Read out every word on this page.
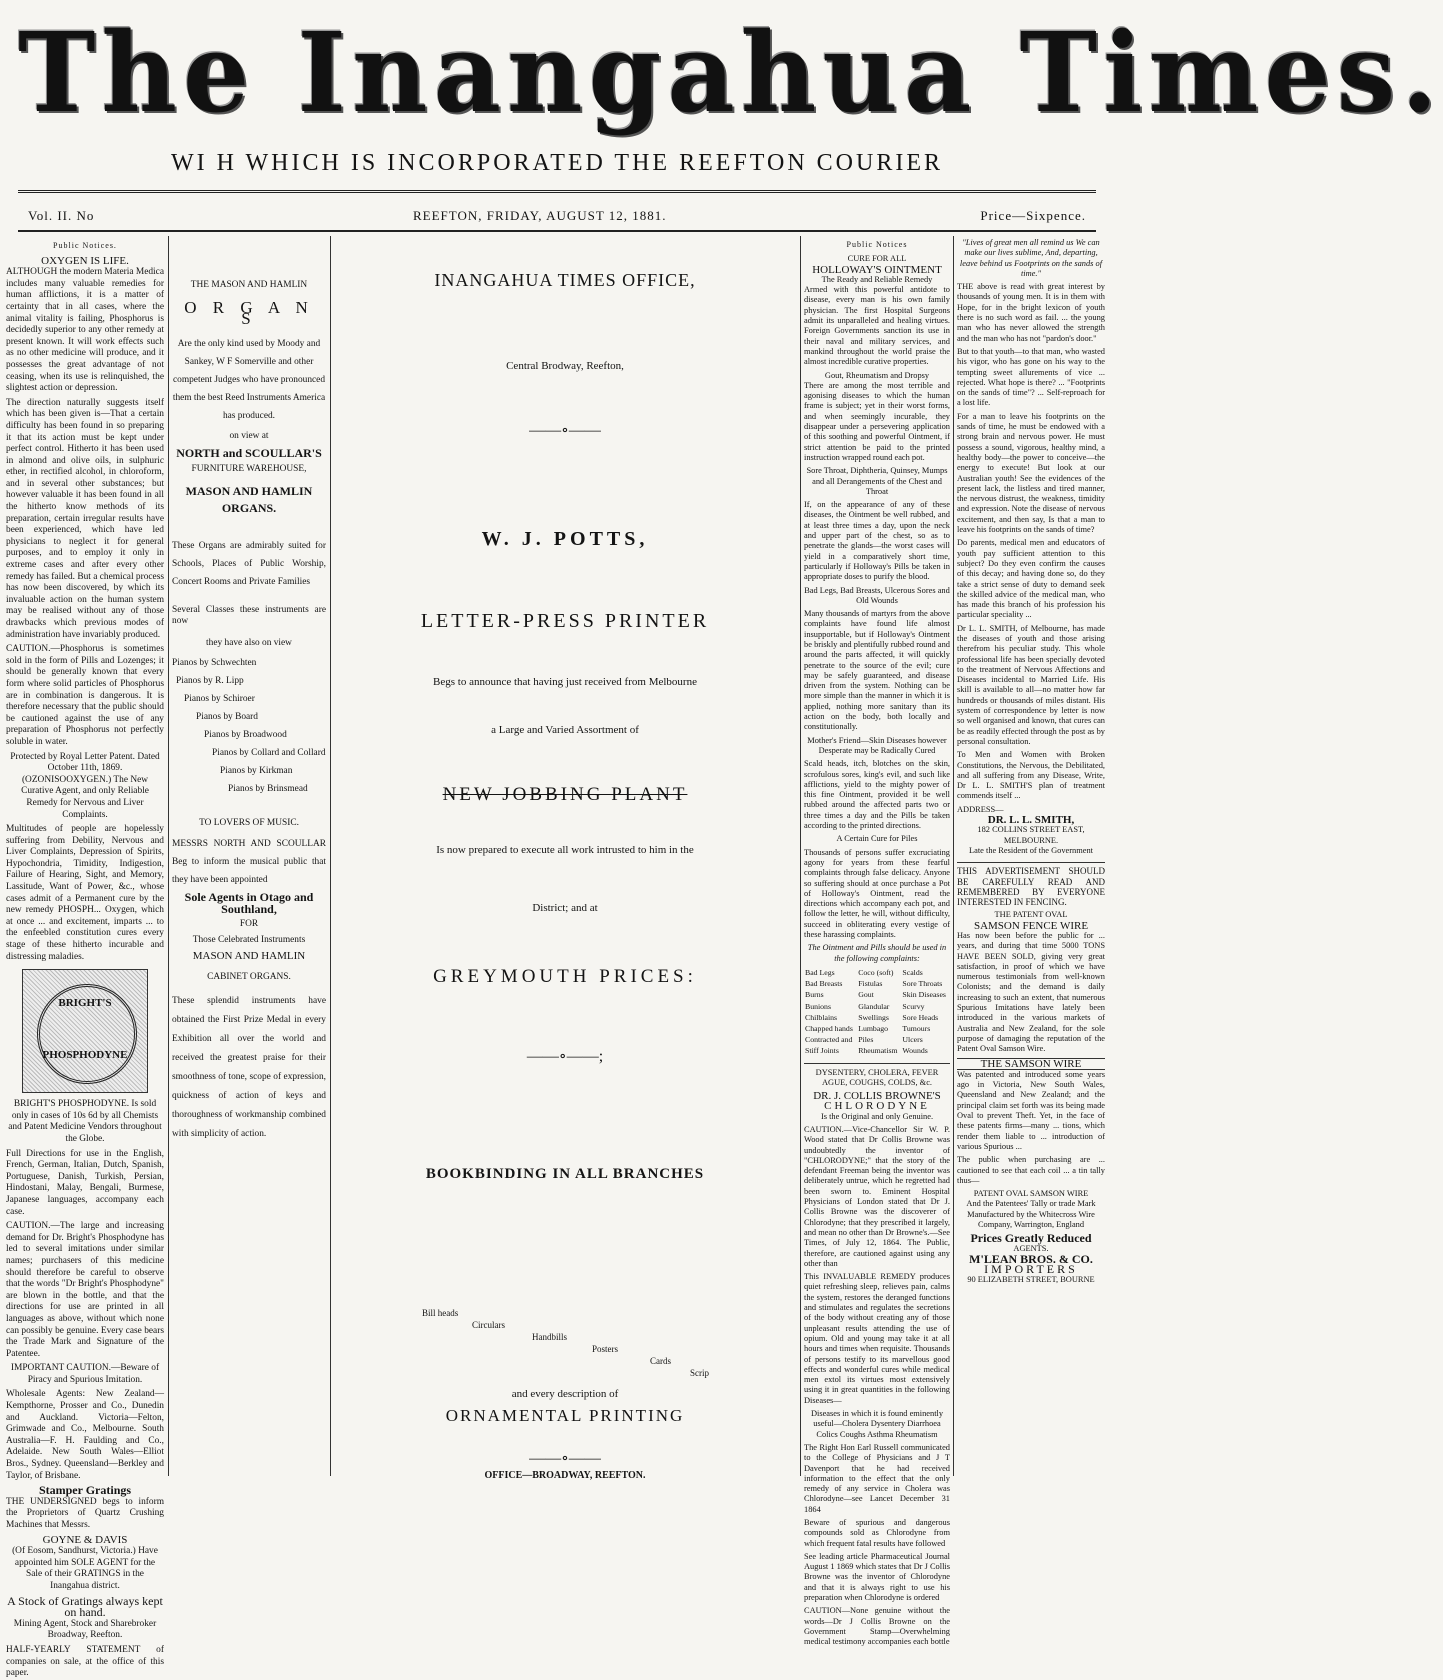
The Inangahua Times.
WI H WHICH IS INCORPORATED THE REEFTON COURIER
Vol. II. No	REEFTON, FRIDAY, AUGUST 12, 1881.	Price—Sixpence.
Public Notices.
OXYGEN IS LIFE.

ALTHOUGH the modern Materia Medica includes many valuable remedies for human afflictions, it is a matter of certainty that in all cases, where the animal vitality is failing, Phosphorus is decidedly superior to any other remedy at present known. It will work effects such as no other medicine will produce, and it possesses the great advantage of not ceasing, when its use is relinquished, the slightest action or depression.

The direction naturally suggests itself which has been given is—That a certain difficulty has been found in so preparing it that its action must be kept under perfect control. Hitherto it has been used in almond and olive oils, in sulphuric ether, in rectified alcohol, in chloroform, and in several other substances; but however valuable it has been found in all the hitherto know methods of its preparation, certain irregular results have been experienced, which have led physicians to neglect it for general purposes, and to employ it only in extreme cases and after every other remedy has failed. But a chemical process has now been discovered, by which its invaluable action on the human system may be realised without any of those drawbacks which previous modes of administration have invariably produced.

CAUTION.—Phosphorus is sometimes sold in the form of Pills and Lozenges; it should be generally known that every form where solid particles of Phosphorus are in combination is dangerous. It is therefore necessary that the public should be cautioned against the use of any preparation of Phosphorus not perfectly soluble in water.

Protected by Royal Letter Patent. Dated October 11th, 1869. (OZONISOOXYGEN.) The New Curative Agent, and only Reliable Remedy for Nervous and Liver Complaints.

Multitudes of people are hopelessly suffering from Debility, Nervous and Liver Complaints, Depression of Spirits, Hypochondria, Timidity, Indigestion, Failure of Hearing, Sight, and Memory, Lassitude, Want of Power, &c., whose cases admit of a Permanent cure by the new remedy PHOSPH... Oxygen, which at once ... and excitement, imparts ... to the enfeebled constitution cures every stage of these hitherto incurable and distressing maladies.

BRIGHT'S
PHOSPHODYNE

BRIGHT'S PHOSPHODYNE. Is sold only in cases of 10s 6d by all Chemists and Patent Medicine Vendors throughout the Globe.

Full Directions for use in the English, French, German, Italian, Dutch, Spanish, Portuguese, Danish, Turkish, Persian, Hindostani, Malay, Bengali, Burmese, Japanese languages, accompany each case.

CAUTION.—The large and increasing demand for Dr. Bright's Phosphodyne has led to several imitations under similar names; purchasers of this medicine should therefore be careful to observe that the words "Dr Bright's Phosphodyne" are blown in the bottle, and that the directions for use are printed in all languages as above, without which none can possibly be genuine. Every case bears the Trade Mark and Signature of the Patentee.

IMPORTANT CAUTION.—Beware of Piracy and Spurious Imitation.

Wholesale Agents: New Zealand—Kempthorne, Prosser and Co., Dunedin and Auckland. Victoria—Felton, Grimwade and Co., Melbourne. South Australia—F. H. Faulding and Co., Adelaide. New South Wales—Elliot Bros., Sydney. Queensland—Berkley and Taylor, of Brisbane.

Stamper Gratings

THE UNDERSIGNED begs to inform the Proprietors of Quartz Crushing Machines that Messrs.

GOYNE & DAVIS

(Of Eosom, Sandhurst, Victoria.) Have appointed him SOLE AGENT for the Sale of their GRATINGS in the Inangahua district.

A Stock of Gratings always kept on hand.

Mining Agent, Stock and Sharebroker Broadway, Reefton.

HALF-YEARLY STATEMENT of companies on sale, at the office of this paper.

THE MASON AND HAMLIN
O R G A N S

Are the only kind used by Moody and Sankey, W F Somerville and other competent Judges who have pronounced them the best Reed Instruments America has produced.

on view at
NORTH and SCOULLAR'S
FURNITURE WAREHOUSE,
MASON AND HAMLIN
ORGANS.

These Organs are admirably suited for Schools, Places of Public Worship, Concert Rooms and Private Families

Several Classes these instruments are now

they have also on view
Pianos by Schwechten
Pianos by R. Lipp
Pianos by Schiroer
Pianos by Board
Pianos by Broadwood
Pianos by Collard and Collard
Pianos by Kirkman
Pianos by Brinsmead
TO LOVERS OF MUSIC.

MESSRS NORTH AND SCOULLAR Beg to inform the musical public that they have been appointed

Sole Agents in Otago and Southland,
FOR
Those Celebrated Instruments
MASON AND HAMLIN
CABINET ORGANS.

These splendid instruments have obtained the First Prize Medal in every Exhibition all over the world and received the greatest praise for their smoothness of tone, scope of expression, quickness of action of keys and thoroughness of workmanship combined with simplicity of action.

INANGAHUA TIMES OFFICE,
Central Brodway, Reefton,
——∘——
W. J. POTTS,
LETTER-PRESS PRINTER
Begs to announce that having just received from Melbourne
a Large and Varied Assortment of
NEW JOBBING PLANT
Is now prepared to execute all work intrusted to him in the
District; and at
GREYMOUTH PRICES:
——∘——;
BOOKBINDING IN ALL BRANCHES
Bill heads
Circulars
Handbills
Posters
Cards
Scrip
and every description of
ORNAMENTAL PRINTING
——∘——
OFFICE—BROADWAY, REEFTON.
Public Notices
CURE FOR ALL
HOLLOWAY'S OINTMENT
The Ready and Reliable Remedy

Armed with this powerful antidote to disease, every man is his own family physician. The first Hospital Surgeons admit its unparalleled and healing virtues. Foreign Governments sanction its use in their naval and military services, and mankind throughout the world praise the almost incredible curative properties.

Gout, Rheumatism and Dropsy

There are among the most terrible and agonising diseases to which the human frame is subject; yet in their worst forms, and when seemingly incurable, they disappear under a persevering application of this soothing and powerful Ointment, if strict attention be paid to the printed instruction wrapped round each pot.

Sore Throat, Diphtheria, Quinsey, Mumps and all Derangements of the Chest and Throat

If, on the appearance of any of these diseases, the Ointment be well rubbed, and at least three times a day, upon the neck and upper part of the chest, so as to penetrate the glands—the worst cases will yield in a comparatively short time, particularly if Holloway's Pills be taken in appropriate doses to purify the blood.

Bad Legs, Bad Breasts, Ulcerous Sores and Old Wounds

Many thousands of martyrs from the above complaints have found life almost insupportable, but if Holloway's Ointment be briskly and plentifully rubbed round and around the parts affected, it will quickly penetrate to the source of the evil; cure may be safely guaranteed, and disease driven from the system. Nothing can be more simple than the manner in which it is applied, nothing more sanitary than its action on the body, both locally and constitutionally.

Mother's Friend—Skin Diseases however Desperate may be Radically Cured

Scald heads, itch, blotches on the skin, scrofulous sores, king's evil, and such like afflictions, yield to the mighty power of this fine Ointment, provided it be well rubbed around the affected parts two or three times a day and the Pills be taken according to the printed directions.

A Certain Cure for Piles

Thousands of persons suffer excruciating agony for years from these fearful complaints through false delicacy. Anyone so suffering should at once purchase a Pot of Holloway's Ointment, read the directions which accompany each pot, and follow the letter, he will, without difficulty, succeed in obliterating every vestige of these harassing complaints.

The Ointment and Pills should be used in the following complaints:

Bad Legs	Coco (soft)	Scalds
Bad Breasts	Fistulas	Sore Throats
Burns	Gout	Skin Diseases
Bunions	Glandular	Scurvy
Chilblains	Swellings	Sore Heads
Chapped hands	Lumbago	Tumours
Contracted and	Piles	Ulcers
Stiff Joints	Rheumatism	Wounds

DYSENTERY, CHOLERA, FEVER AGUE, COUGHS, COLDS, &c.

DR. J. COLLIS BROWNE'S
CHLORODYNE

Is the Original and only Genuine.

CAUTION.—Vice-Chancellor Sir W. P. Wood stated that Dr Collis Browne was undoubtedly the inventor of "CHLORODYNE;" that the story of the defendant Freeman being the inventor was deliberately untrue, which he regretted had been sworn to. Eminent Hospital Physicians of London stated that Dr J. Collis Browne was the discoverer of Chlorodyne; that they prescribed it largely, and mean no other than Dr Browne's.—See Times, of July 12, 1864. The Public, therefore, are cautioned against using any other than

This INVALUABLE REMEDY produces quiet refreshing sleep, relieves pain, calms the system, restores the deranged functions and stimulates and regulates the secretions of the body without creating any of those unpleasant results attending the use of opium. Old and young may take it at all hours and times when requisite. Thousands of persons testify to its marvellous good effects and wonderful cures while medical men extol its virtues most extensively using it in great quantities in the following Diseases—

Diseases in which it is found eminently useful—Cholera Dysentery Diarrhoea Colics Coughs Asthma Rheumatism

The Right Hon Earl Russell communicated to the College of Physicians and J T Davenport that he had received information to the effect that the only remedy of any service in Cholera was Chlorodyne—see Lancet December 31 1864

Beware of spurious and dangerous compounds sold as Chlorodyne from which frequent fatal results have followed

See leading article Pharmaceutical Journal August 1 1869 which states that Dr J Collis Browne was the inventor of Chlorodyne and that it is always right to use his preparation when Chlorodyne is ordered

CAUTION—None genuine without the words—Dr J Collis Browne on the Government Stamp—Overwhelming medical testimony accompanies each bottle

"Lives of great men all remind us We can make our lives sublime, And, departing, leave behind us Footprints on the sands of time."

THE above is read with great interest by thousands of young men. It is in them with Hope, for in the bright lexicon of youth there is no such word as fail. ... the young man who has never allowed the strength and the man who has not "pardon's door."

But to that youth—to that man, who wasted his vigor, who has gone on his way to the tempting sweet allurements of vice ... rejected. What hope is there? ... "Footprints on the sands of time"? ... Self-reproach for a lost life.

For a man to leave his footprints on the sands of time, he must be endowed with a strong brain and nervous power. He must possess a sound, vigorous, healthy mind, a healthy body—the power to conceive—the energy to execute! But look at our Australian youth! See the evidences of the present lack, the listless and tired manner, the nervous distrust, the weakness, timidity and expression. Note the disease of nervous excitement, and then say, Is that a man to leave his footprints on the sands of time?

Do parents, medical men and educators of youth pay sufficient attention to this subject? Do they even confirm the causes of this decay; and having done so, do they take a strict sense of duty to demand seek the skilled advice of the medical man, who has made this branch of his profession his particular speciality ...

Dr L. L. SMITH, of Melbourne, has made the diseases of youth and those arising therefrom his peculiar study. This whole professional life has been specially devoted to the treatment of Nervous Affections and Diseases incidental to Married Life. His skill is available to all—no matter how far hundreds or thousands of miles distant. His system of correspondence by letter is now so well organised and known, that cures can be as readily effected through the post as by personal consultation.

To Men and Women with Broken Constitutions, the Nervous, the Debilitated, and all suffering from any Disease, Write, Dr L. L. SMITH'S plan of treatment commends itself ...

ADDRESS—
DR. L. L. SMITH,
182 COLLINS STREET EAST, MELBOURNE.
Late the Resident of the Government

THIS ADVERTISEMENT SHOULD BE CAREFULLY READ AND REMEMBERED BY EVERYONE INTERESTED IN FENCING.

THE PATENT OVAL
SAMSON FENCE WIRE

Has now been before the public for ... years, and during that time 5000 TONS HAVE BEEN SOLD, giving very great satisfaction, in proof of which we have numerous testimonials from well-known Colonists; and the demand is daily increasing to such an extent, that numerous Spurious Imitations have lately been introduced in the various markets of Australia and New Zealand, for the sole purpose of damaging the reputation of the Patent Oval Samson Wire.

THE SAMSON WIRE

Was patented and introduced some years ago in Victoria, New South Wales, Queensland and New Zealand; and the principal claim set forth was its being made Oval to prevent Theft. Yet, in the face of these patents firms—many ... tions, which render them liable to ... introduction of various Spurious ...

The public when purchasing are ... cautioned to see that each coil ... a tin tally thus—

PATENT OVAL SAMSON WIRE
And the Patentees' Tally or trade Mark

Manufactured by the Whitecross Wire Company, Warrington, England

Prices Greatly Reduced
AGENTS.
M'LEAN BROS. & CO.
IMPORTERS
90 ELIZABETH STREET, BOURNE
